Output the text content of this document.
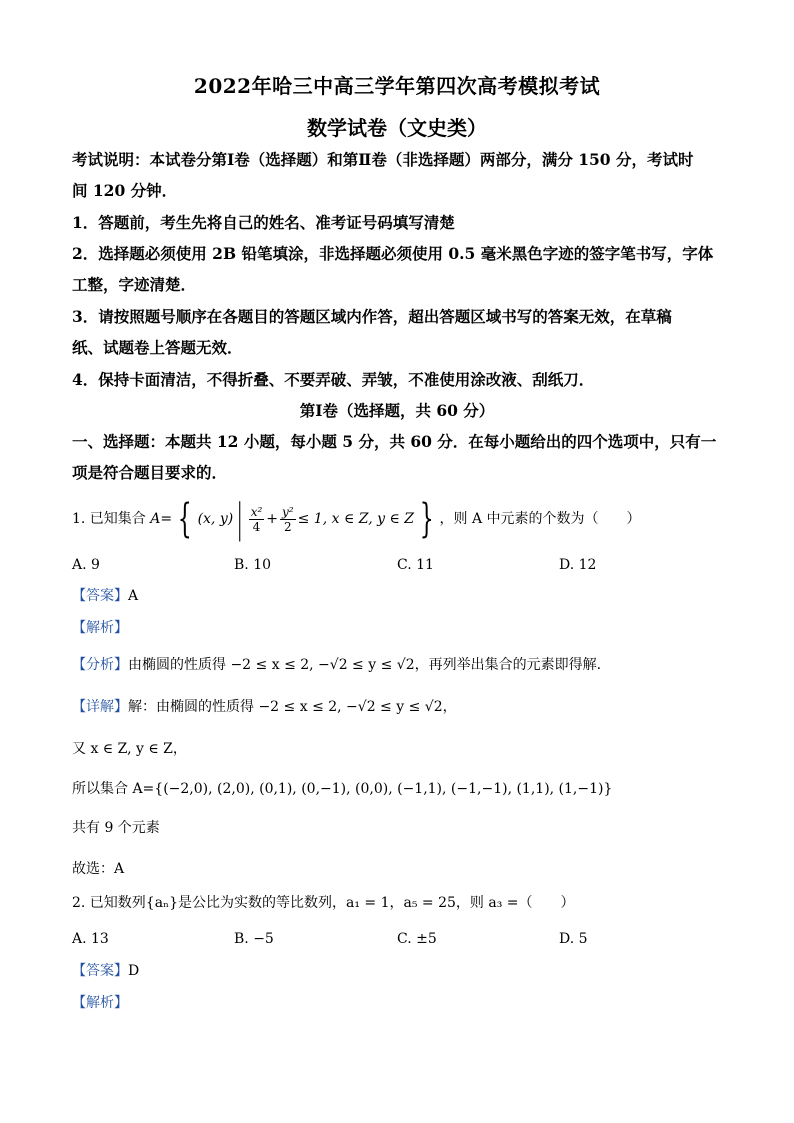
2022年哈三中高三学年第四次高考模拟考试
数学试卷（文史类）
考试说明：本试卷分第Ⅰ卷（选择题）和第Ⅱ卷（非选择题）两部分，满分 150 分，考试时
间 120 分钟．
1．答题前，考生先将自己的姓名、准考证号码填写清楚
2．选择题必须使用 2B 铅笔填涂，非选择题必须使用 0.5 毫米黑色字迹的签字笔书写，字体
工整，字迹清楚．
3．请按照题号顺序在各题目的答题区域内作答，超出答题区域书写的答案无效，在草稿
纸、试题卷上答题无效．
4．保持卡面清洁，不得折叠、不要弄破、弄皱，不准使用涂改液、刮纸刀．
第Ⅰ卷（选择题，共 60 分）
一、选择题：本题共 12 小题，每小题 5 分，共 60 分．在每小题给出的四个选项中，只有一
项是符合题目要求的．
1. 已知集合 A= { (x, y) | $\frac{\text{x²}}{4} + \frac{\text{y²}}{2} \le 1$, x ∈ Z, y ∈ Z } ，则 A 中元素的个数为（　　）
A. 9	B. 10	C. 11	D. 12
【答案】A
【解析】
【分析】由椭圆的性质得 −2 ≤ x ≤ 2, −√2 ≤ y ≤ √2，再列举出集合的元素即得解.
【详解】解：由椭圆的性质得 −2 ≤ x ≤ 2, −√2 ≤ y ≤ √2，
又 x ∈ Z, y ∈ Z，
所以集合 A={(−2,0), (2,0), (0,1), (0,−1), (0,0), (−1,1), (−1,−1), (1,1), (1,−1)}
共有 9 个元素
故选：A
2. 已知数列{aₙ}是公比为实数的等比数列，a₁ = 1，a₅ = 25，则 a₃ =（　　）
A. 13	B. −5	C. ±5	D. 5
【答案】D
【解析】
